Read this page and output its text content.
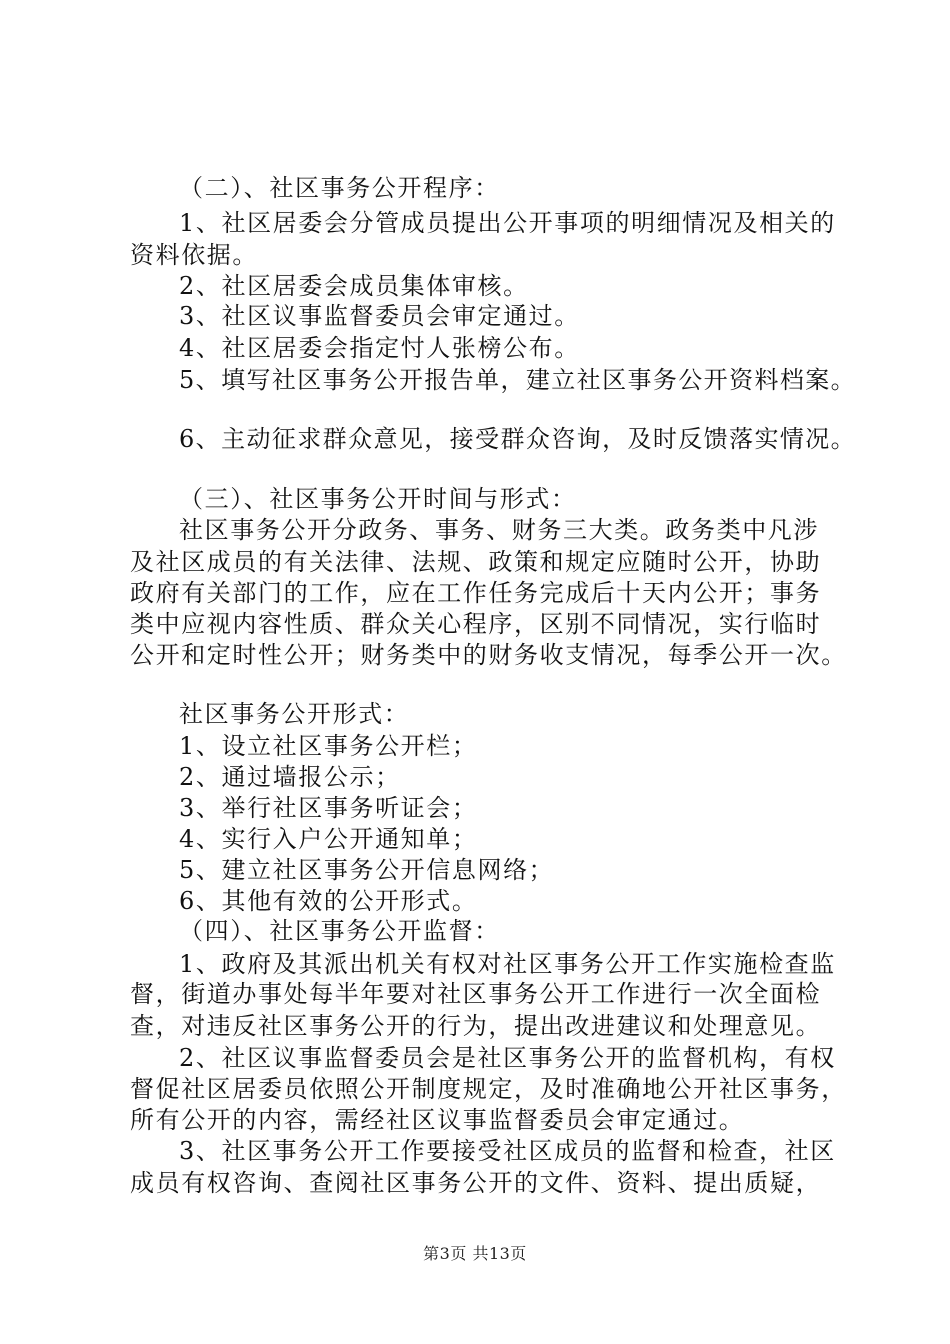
（二）、社区事务公开程序：

1、社区居委会分管成员提出公开事项的明细情况及相关的

资料依据。

2、社区居委会成员集体审核。

3、社区议事监督委员会审定通过。

4、社区居委会指定忖人张榜公布。

5、填写社区事务公开报告单，建立社区事务公开资料档案。

6、主动征求群众意见，接受群众咨询，及时反馈落实情况。

（三）、社区事务公开时间与形式：

社区事务公开分政务、事务、财务三大类。政务类中凡涉

及社区成员的有关法律、法规、政策和规定应随时公开，协助

政府有关部门的工作，应在工作任务完成后十天内公开；事务

类中应视内容性质、群众关心程序，区别不同情况，实行临时

公开和定时性公开；财务类中的财务收支情况，每季公开一次。

社区事务公开形式：

1、设立社区事务公开栏；

2、通过墙报公示；

3、举行社区事务听证会；

4、实行入户公开通知单；

5、建立社区事务公开信息网络；

6、其他有效的公开形式。

（四）、社区事务公开监督：

1、政府及其派出机关有权对社区事务公开工作实施检查监

督，街道办事处每半年要对社区事务公开工作进行一次全面检

查，对违反社区事务公开的行为，提出改进建议和处理意见。

2、社区议事监督委员会是社区事务公开的监督机构，有权

督促社区居委员依照公开制度规定，及时准确地公开社区事务，

所有公开的内容，需经社区议事监督委员会审定通过。

3、社区事务公开工作要接受社区成员的监督和检查，社区

成员有权咨询、查阅社区事务公开的文件、资料、提出质疑，

第3页 共13页
